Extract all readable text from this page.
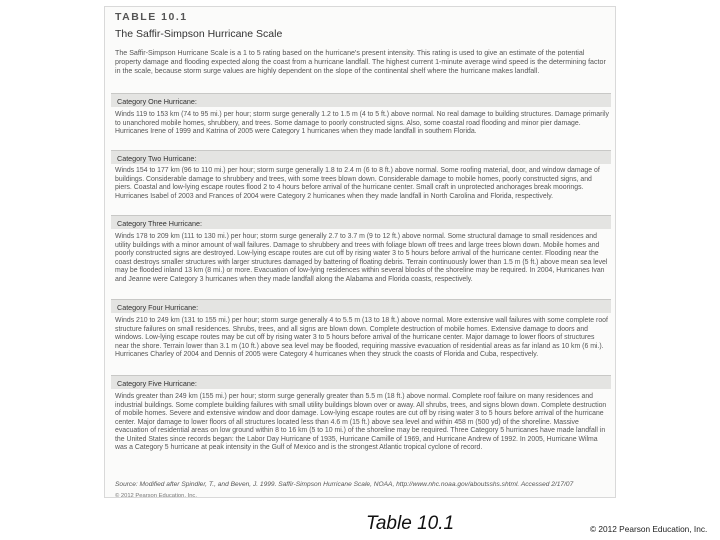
TABLE 10.1
The Saffir-Simpson Hurricane Scale
The Saffir-Simpson Hurricane Scale is a 1 to 5 rating based on the hurricane's present intensity. This rating is used to give an estimate of the potential property damage and flooding expected along the coast from a hurricane landfall. The highest current 1-minute average wind speed is the determining factor in the scale, because storm surge values are highly dependent on the slope of the continental shelf where the hurricane makes landfall.
Category One Hurricane:
Winds 119 to 153 km (74 to 95 mi.) per hour; storm surge generally 1.2 to 1.5 m (4 to 5 ft.) above normal. No real damage to building structures. Damage primarily to unanchored mobile homes, shrubbery, and trees. Some damage to poorly constructed signs. Also, some coastal road flooding and minor pier damage. Hurricanes Irene of 1999 and Katrina of 2005 were Category 1 hurricanes when they made landfall in southern Florida.
Category Two Hurricane:
Winds 154 to 177 km (96 to 110 mi.) per hour; storm surge generally 1.8 to 2.4 m (6 to 8 ft.) above normal. Some roofing material, door, and window damage of buildings. Considerable damage to shrubbery and trees, with some trees blown down. Considerable damage to mobile homes, poorly constructed signs, and piers. Coastal and low-lying escape routes flood 2 to 4 hours before arrival of the hurricane center. Small craft in unprotected anchorages break moorings. Hurricanes Isabel of 2003 and Frances of 2004 were Category 2 hurricanes when they made landfall in North Carolina and Florida, respectively.
Category Three Hurricane:
Winds 178 to 209 km (111 to 130 mi.) per hour; storm surge generally 2.7 to 3.7 m (9 to 12 ft.) above normal. Some structural damage to small residences and utility buildings with a minor amount of wall failures. Damage to shrubbery and trees with foliage blown off trees and large trees blown down. Mobile homes and poorly constructed signs are destroyed. Low-lying escape routes are cut off by rising water 3 to 5 hours before arrival of the hurricane center. Flooding near the coast destroys smaller structures with larger structures damaged by battering of floating debris. Terrain continuously lower than 1.5 m (5 ft.) above mean sea level may be flooded inland 13 km (8 mi.) or more. Evacuation of low-lying residences within several blocks of the shoreline may be required. In 2004, Hurricanes Ivan and Jeanne were Category 3 hurricanes when they made landfall along the Alabama and Florida coasts, respectively.
Category Four Hurricane:
Winds 210 to 249 km (131 to 155 mi.) per hour; storm surge generally 4 to 5.5 m (13 to 18 ft.) above normal. More extensive wall failures with some complete roof structure failures on small residences. Shrubs, trees, and all signs are blown down. Complete destruction of mobile homes. Extensive damage to doors and windows. Low-lying escape routes may be cut off by rising water 3 to 5 hours before arrival of the hurricane center. Major damage to lower floors of structures near the shore. Terrain lower than 3.1 m (10 ft.) above sea level may be flooded, requiring massive evacuation of residential areas as far inland as 10 km (6 mi.). Hurricanes Charley of 2004 and Dennis of 2005 were Category 4 hurricanes when they struck the coasts of Florida and Cuba, respectively.
Category Five Hurricane:
Winds greater than 249 km (155 mi.) per hour; storm surge generally greater than 5.5 m (18 ft.) above normal. Complete roof failure on many residences and industrial buildings. Some complete building failures with small utility buildings blown over or away. All shrubs, trees, and signs blown down. Complete destruction of mobile homes. Severe and extensive window and door damage. Low-lying escape routes are cut off by rising water 3 to 5 hours before arrival of the hurricane center. Major damage to lower floors of all structures located less than 4.6 m (15 ft.) above sea level and within 458 m (500 yd) of the shoreline. Massive evacuation of residential areas on low ground within 8 to 16 km (5 to 10 mi.) of the shoreline may be required. Three Category 5 hurricanes have made landfall in the United States since records began: the Labor Day Hurricane of 1935, Hurricane Camille of 1969, and Hurricane Andrew of 1992. In 2005, Hurricane Wilma was a Category 5 hurricane at peak intensity in the Gulf of Mexico and is the strongest Atlantic tropical cyclone of record.
Source: Modified after Spindler, T., and Beven, J. 1999. Saffir-Simpson Hurricane Scale, NOAA, http://www.nhc.noaa.gov/aboutsshs.shtml. Accessed 2/17/07
© 2012 Pearson Education, Inc.
Table 10.1	© 2012 Pearson Education, Inc.
